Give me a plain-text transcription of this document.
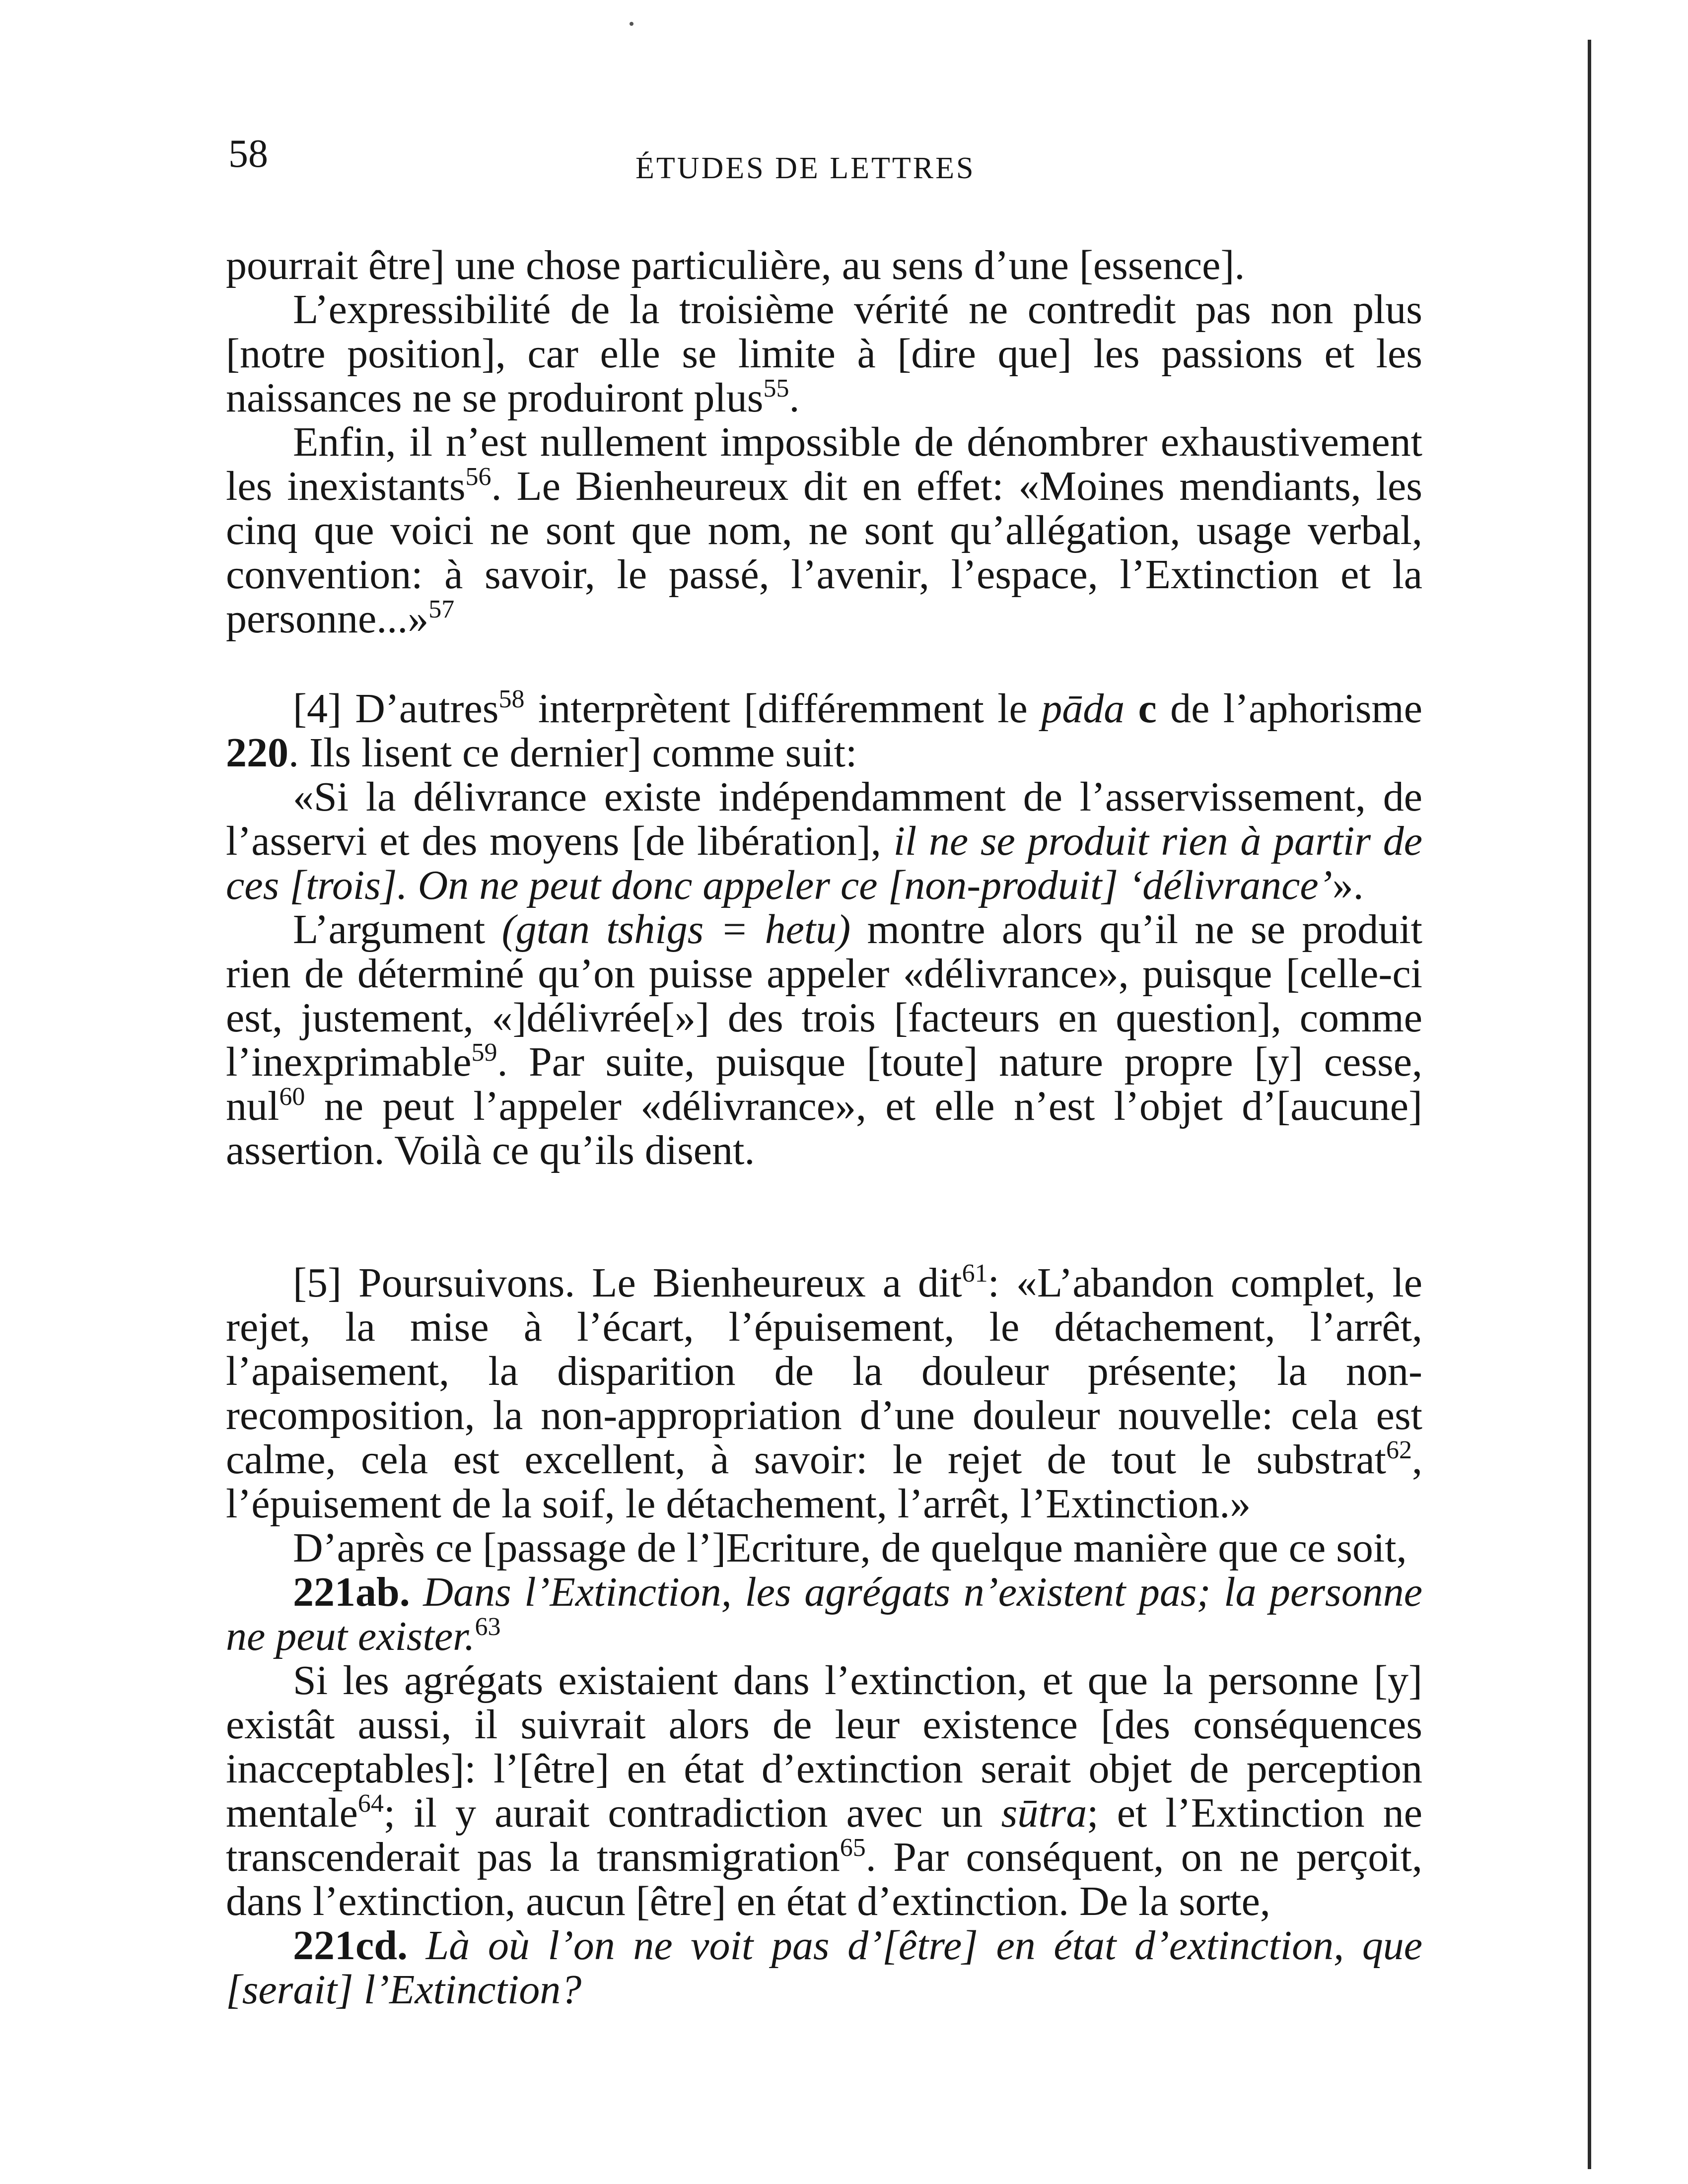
58	ÉTUDES DE LETTRES

pourrait être] une chose particulière, au sens d’une [essence].

L’expressibilité de la troisième vérité ne contredit pas non plus [notre position], car elle se limite à [dire que] les passions et les naissances ne se produiront plus$^{55}$.

Enfin, il n’est nullement impossible de dénombrer exhaustivement les inexistants$^{56}$. Le Bienheureux dit en effet: «Moines mendiants, les cinq que voici ne sont que nom, ne sont qu’allégation, usage verbal, convention: à savoir, le passé, l’avenir, l’espace, l’Extinction et la personne...»$^{57}$

[4] D’autres$^{58}$ interprètent [différemment le pāda c de l’aphorisme 220. Ils lisent ce dernier] comme suit:

«Si la délivrance existe indépendamment de l’asservissement, de l’asservi et des moyens [de libération], il ne se produit rien à partir de ces [trois]. On ne peut donc appeler ce [non-produit] ‘délivrance’».

L’argument (gtan tshigs = hetu) montre alors qu’il ne se produit rien de déterminé qu’on puisse appeler «délivrance», puisque [celle-ci est, justement, «]délivrée[»] des trois [facteurs en question], comme l’inexprimable$^{59}$. Par suite, puisque [toute] nature propre [y] cesse, nul$^{60}$ ne peut l’appeler «délivrance», et elle n’est l’objet d’[aucune] assertion. Voilà ce qu’ils disent.

[5] Poursuivons. Le Bienheureux a dit$^{61}$: «L’abandon complet, le rejet, la mise à l’écart, l’épuisement, le détachement, l’arrêt, l’apaisement, la disparition de la douleur présente; la non-recomposition, la non-appropriation d’une douleur nouvelle: cela est calme, cela est excellent, à savoir: le rejet de tout le substrat$^{62}$, l’épuisement de la soif, le détachement, l’arrêt, l’Extinction.»

D’après ce [passage de l’]Ecriture, de quelque manière que ce soit,

221ab. Dans l’Extinction, les agrégats n’existent pas; la personne ne peut exister.$^{63}$

Si les agrégats existaient dans l’extinction, et que la personne [y] existât aussi, il suivrait alors de leur existence [des conséquences inacceptables]: l’[être] en état d’extinction serait objet de perception mentale$^{64}$; il y aurait contradiction avec un sūtra; et l’Extinction ne transcenderait pas la transmigration$^{65}$. Par conséquent, on ne perçoit, dans l’extinction, aucun [être] en état d’extinction. De la sorte,

221cd. Là où l’on ne voit pas d’[être] en état d’extinction, que [serait] l’Extinction?
